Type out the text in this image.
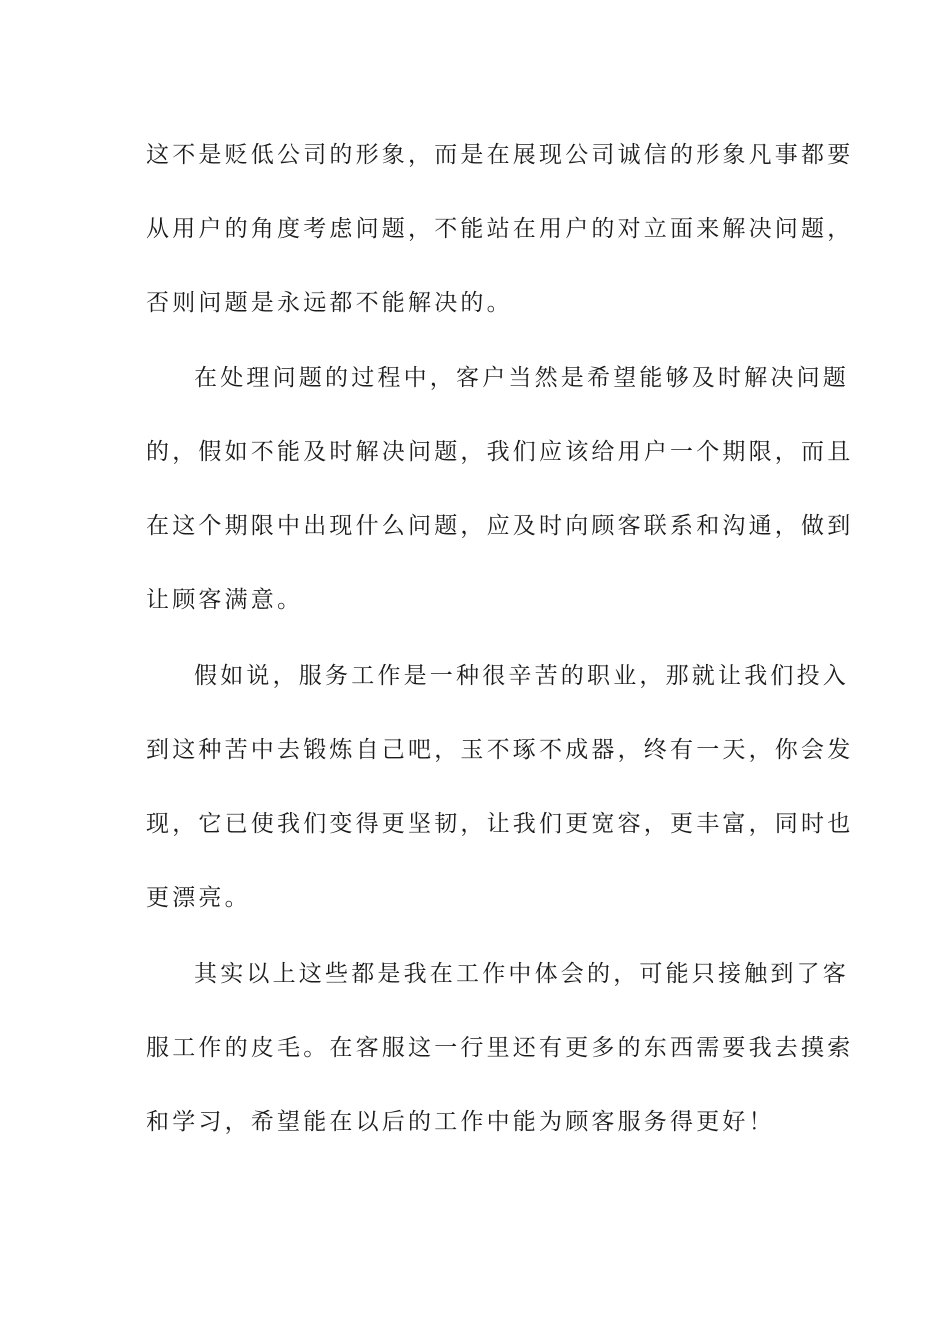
这不是贬低公司的形象，而是在展现公司诚信的形象凡事都要
从用户的角度考虑问题，不能站在用户的对立面来解决问题，
否则问题是永远都不能解决的。
在处理问题的过程中，客户当然是希望能够及时解决问题
的，假如不能及时解决问题，我们应该给用户一个期限，而且
在这个期限中出现什么问题，应及时向顾客联系和沟通，做到
让顾客满意。
假如说，服务工作是一种很辛苦的职业，那就让我们投入
到这种苦中去锻炼自己吧，玉不琢不成器，终有一天，你会发
现，它已使我们变得更坚韧，让我们更宽容，更丰富，同时也
更漂亮。
其实以上这些都是我在工作中体会的，可能只接触到了客
服工作的皮毛。在客服这一行里还有更多的东西需要我去摸索
和学习，希望能在以后的工作中能为顾客服务得更好！
